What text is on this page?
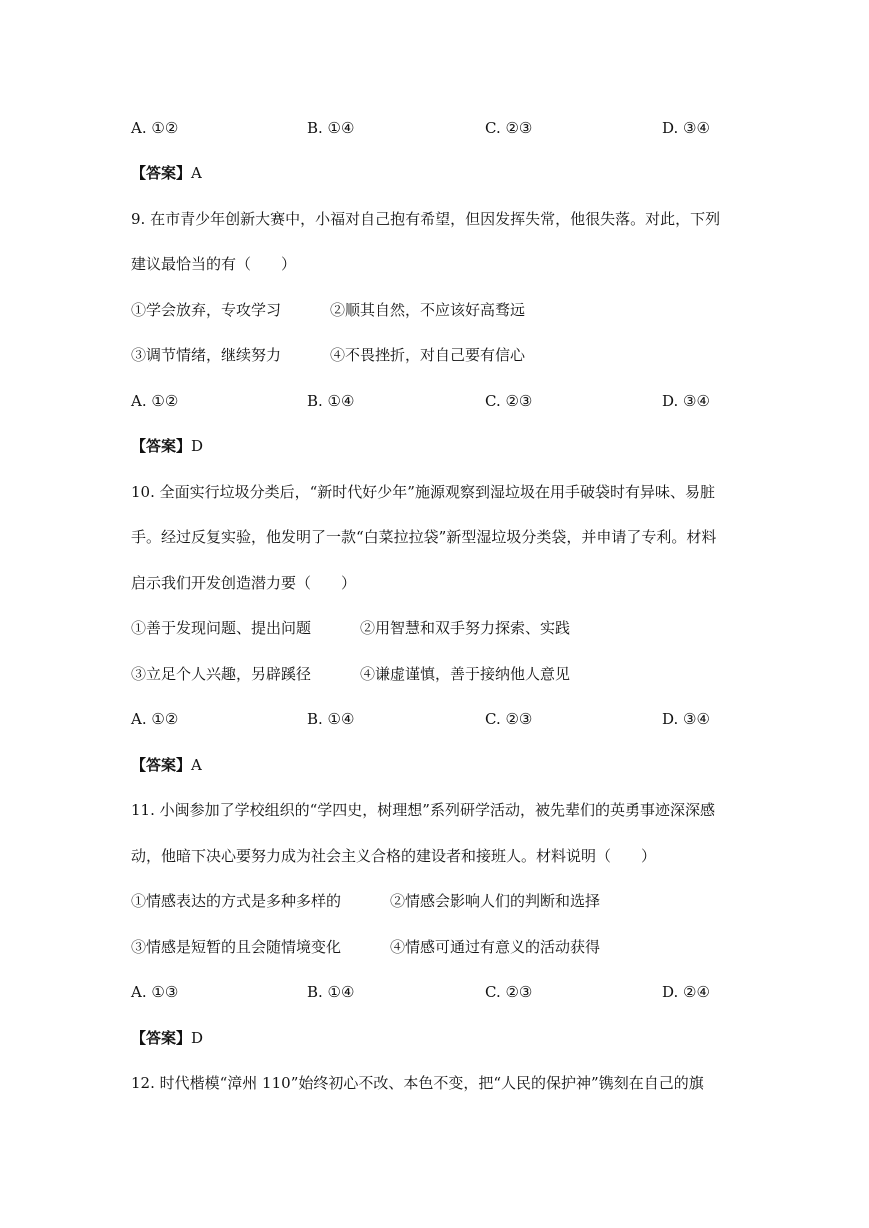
A. ①②	B. ①④	C. ②③	D. ③④
【答案】A
9. 在市青少年创新大赛中，小福对自己抱有希望，但因发挥失常，他很失落。对此，下列
建议最恰当的有（　　）
①学会放弃，专攻学习	②顺其自然，不应该好高骛远
③调节情绪，继续努力	④不畏挫折，对自己要有信心
A. ①②	B. ①④	C. ②③	D. ③④
【答案】D
10. 全面实行垃圾分类后，“新时代好少年”施源观察到湿垃圾在用手破袋时有异味、易脏
手。经过反复实验，他发明了一款“白菜拉拉袋”新型湿垃圾分类袋，并申请了专利。材料
启示我们开发创造潜力要（　　）
①善于发现问题、提出问题	②用智慧和双手努力探索、实践
③立足个人兴趣，另辟蹊径	④谦虚谨慎，善于接纳他人意见
A. ①②	B. ①④	C. ②③	D. ③④
【答案】A
11. 小闽参加了学校组织的“学四史，树理想”系列研学活动，被先辈们的英勇事迹深深感
动，他暗下决心要努力成为社会主义合格的建设者和接班人。材料说明（　　）
①情感表达的方式是多种多样的	②情感会影响人们的判断和选择
③情感是短暂的且会随情境变化	④情感可通过有意义的活动获得
A. ①③	B. ①④	C. ②③	D. ②④
【答案】D
12. 时代楷模“漳州 110”始终初心不改、本色不变，把“人民的保护神”镌刻在自己的旗
